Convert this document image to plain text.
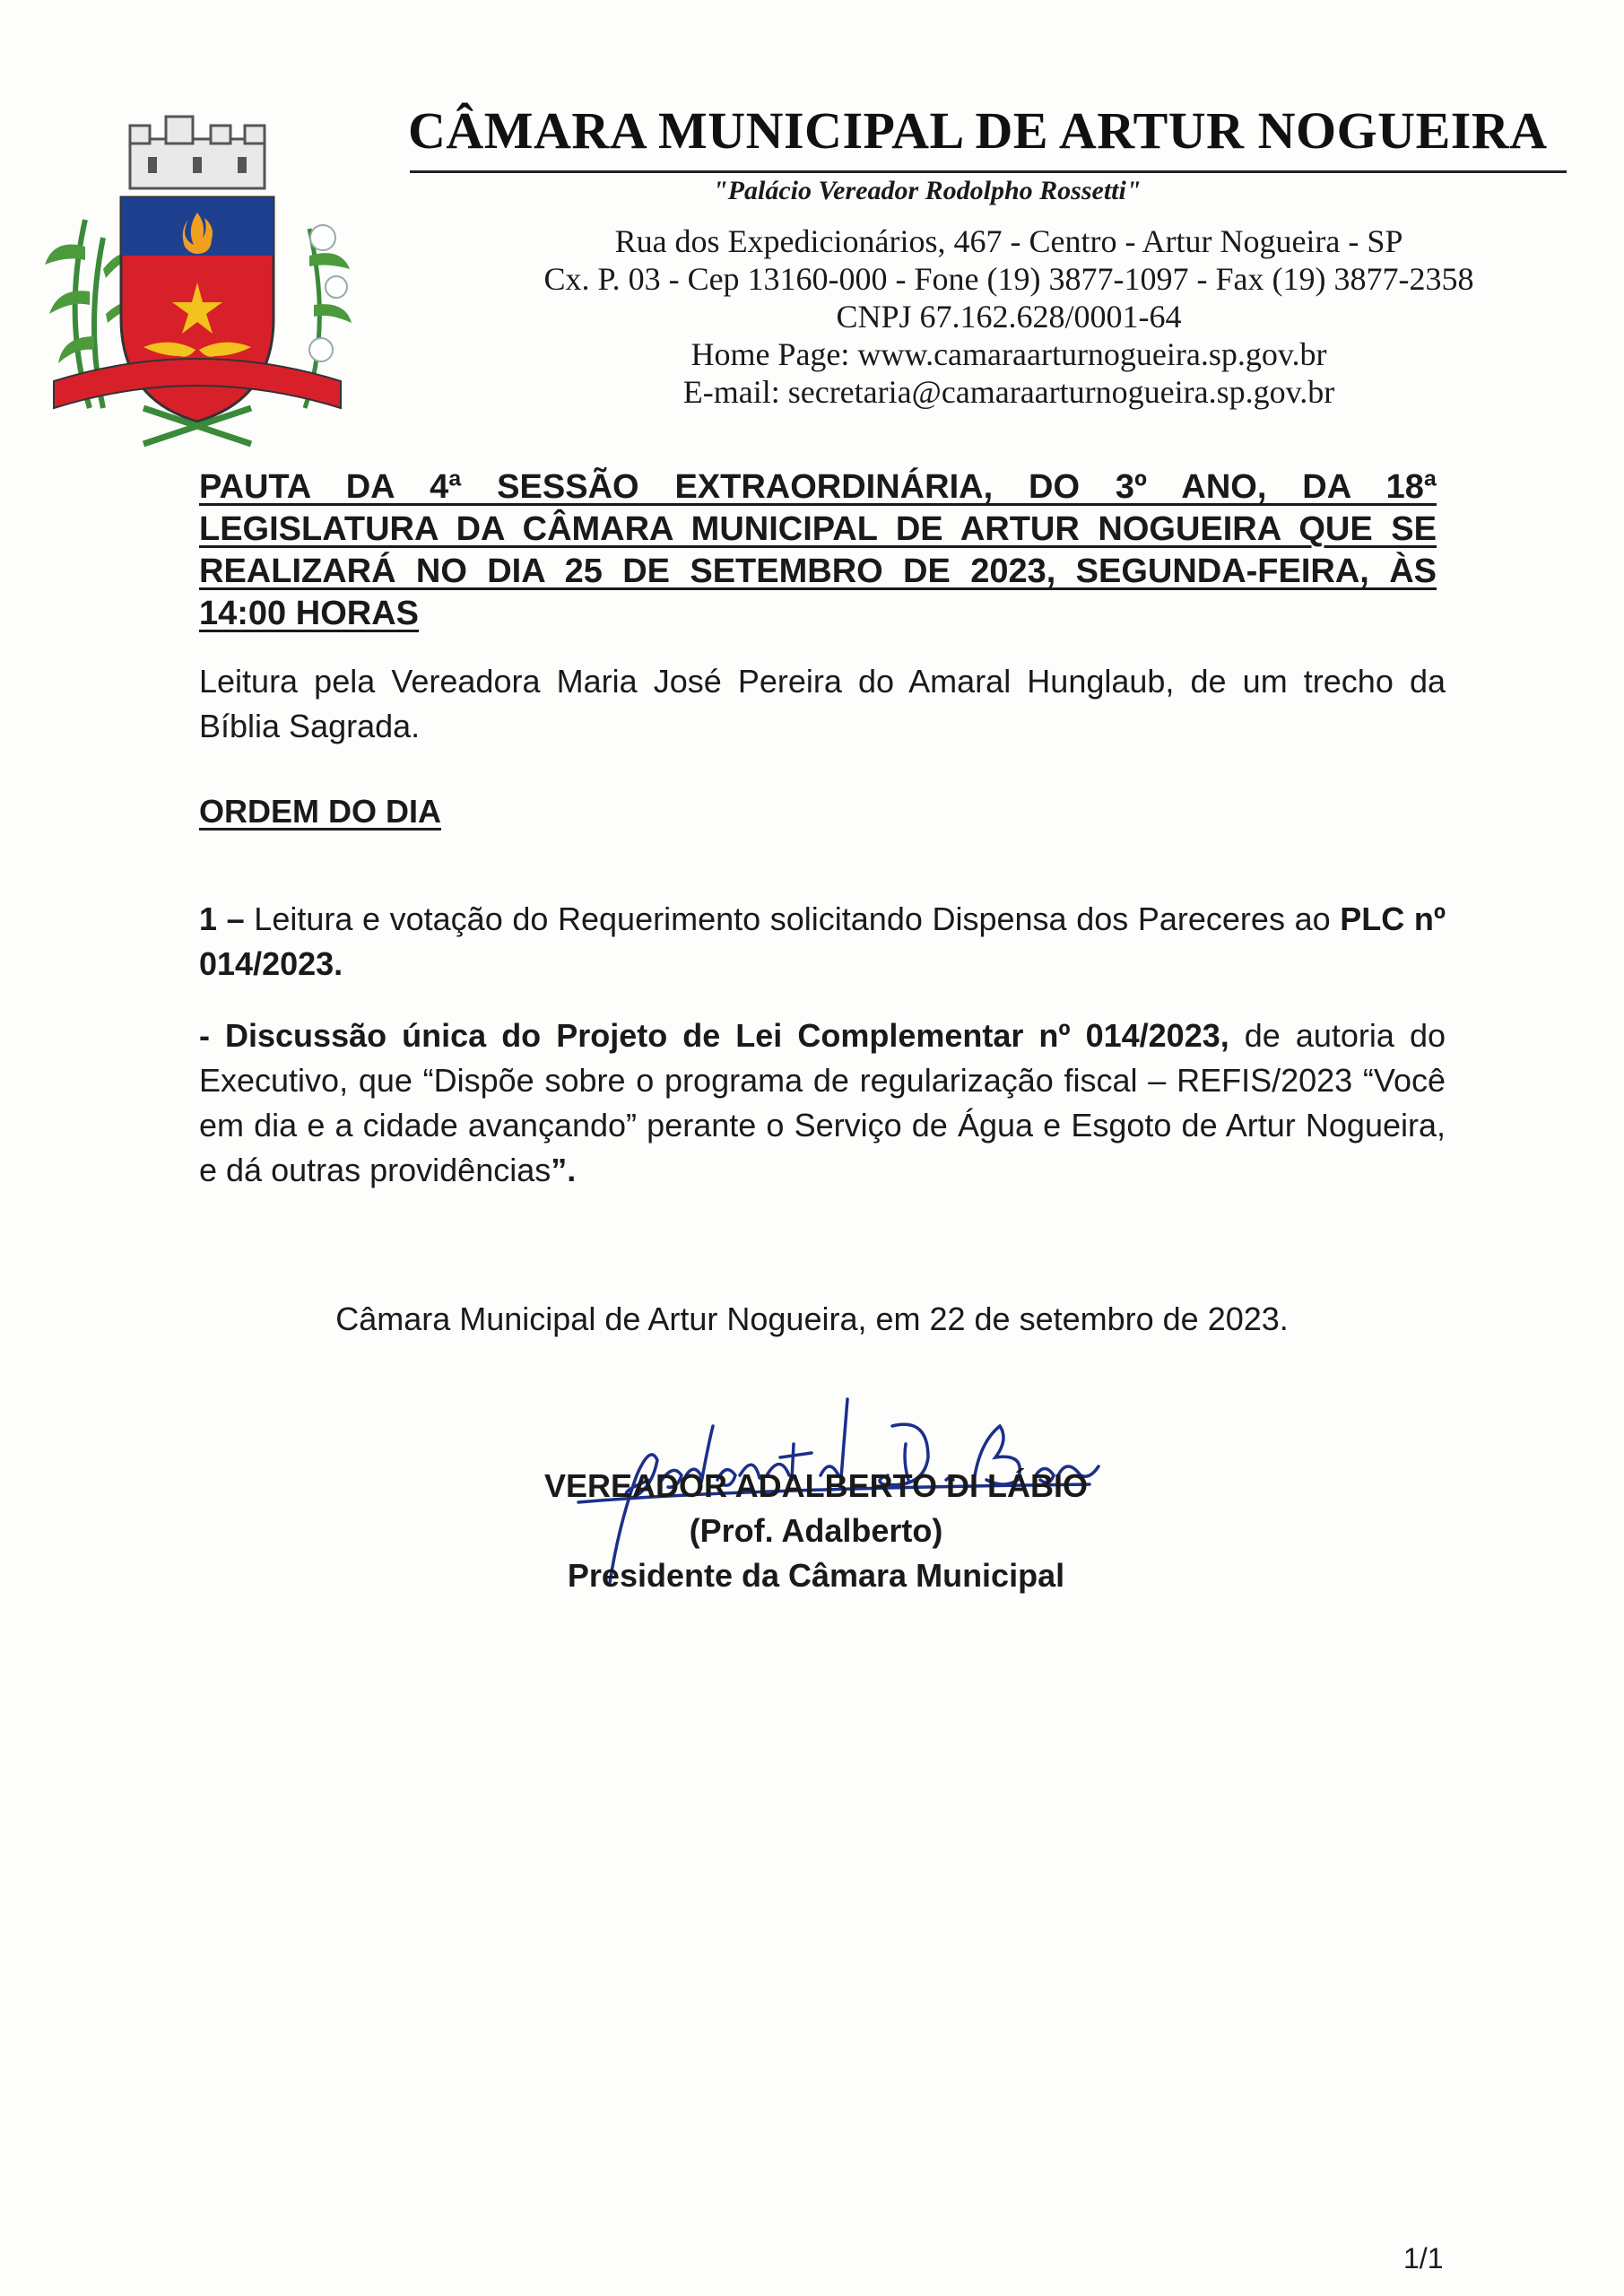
CÂMARA MUNICIPAL DE ARTUR NOGUEIRA
"Palácio Vereador Rodolpho Rossetti"
Rua dos Expedicionários, 467 - Centro - Artur Nogueira - SP
Cx. P. 03 - Cep 13160-000 - Fone (19) 3877-1097 - Fax (19) 3877-2358
CNPJ 67.162.628/0001-64
Home Page: www.camaraarturnogueira.sp.gov.br
E-mail: secretaria@camaraarturnogueira.sp.gov.br
PAUTA DA 4ª SESSÃO EXTRAORDINÁRIA, DO 3º ANO, DA 18ª LEGISLATURA DA CÂMARA MUNICIPAL DE ARTUR NOGUEIRA QUE SE REALIZARÁ NO DIA 25 DE SETEMBRO DE 2023, SEGUNDA-FEIRA, ÀS 14:00 HORAS
Leitura pela Vereadora Maria José Pereira do Amaral Hunglaub, de um trecho da Bíblia Sagrada.
ORDEM DO DIA
1 – Leitura e votação do Requerimento solicitando Dispensa dos Pareceres ao PLC nº 014/2023.
- Discussão única do Projeto de Lei Complementar nº 014/2023, de autoria do Executivo, que “Dispõe sobre o programa de regularização fiscal – REFIS/2023 “Você em dia e a cidade avançando” perante o Serviço de Água e Esgoto de Artur Nogueira, e dá outras providências”.
Câmara Municipal de Artur Nogueira, em 22 de setembro de 2023.
VEREADOR ADALBERTO DI LÁBIO
(Prof. Adalberto)
Presidente da Câmara Municipal
1/1
